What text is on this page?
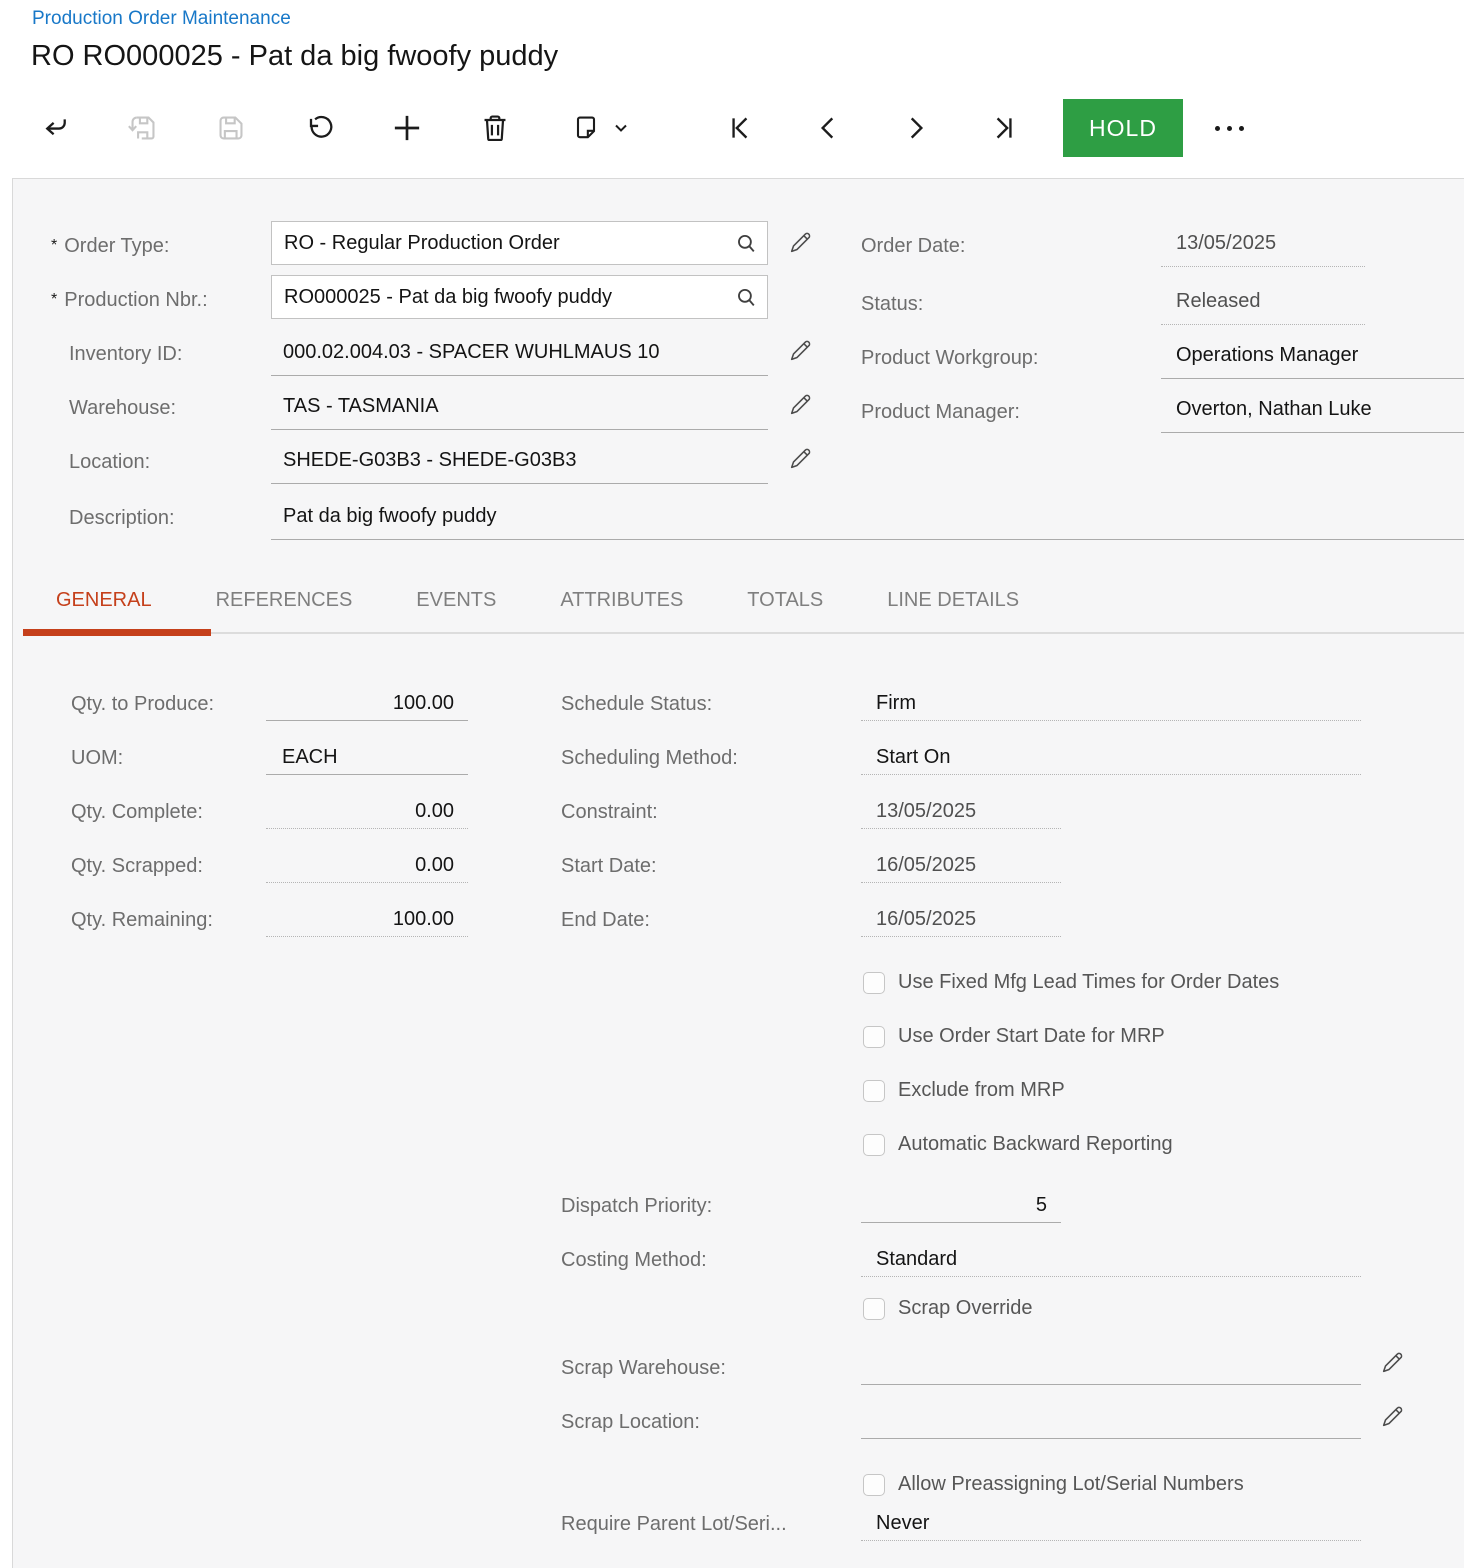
Production Order Maintenance
RO RO000025 - Pat da big fwoofy puddy
HOLD
* Order Type:	RO - Regular Production Order
* Production Nbr.:	RO000025 - Pat da big fwoofy puddy
Inventory ID:	000.02.004.03 - SPACER WUHLMAUS 10
Warehouse:	TAS - TASMANIA
Location:	SHEDE-G03B3 - SHEDE-G03B3
Description:	Pat da big fwoofy puddy
Order Date:	13/05/2025
Status:	Released
Product Workgroup:	Operations Manager
Product Manager:	Overton, Nathan Luke
GENERAL	REFERENCES	EVENTS	ATTRIBUTES	TOTALS	LINE DETAILS
Qty. to Produce:	100.00
UOM:	EACH
Qty. Complete:	0.00
Qty. Scrapped:	0.00
Qty. Remaining:	100.00
Schedule Status:	Firm
Scheduling Method:	Start On
Constraint:	13/05/2025
Start Date:	16/05/2025
End Date:	16/05/2025
Use Fixed Mfg Lead Times for Order Dates
Use Order Start Date for MRP
Exclude from MRP
Automatic Backward Reporting
Dispatch Priority:	5
Costing Method:	Standard
Scrap Override
Scrap Warehouse:
Scrap Location:
Allow Preassigning Lot/Serial Numbers
Require Parent Lot/Seri...	Never
